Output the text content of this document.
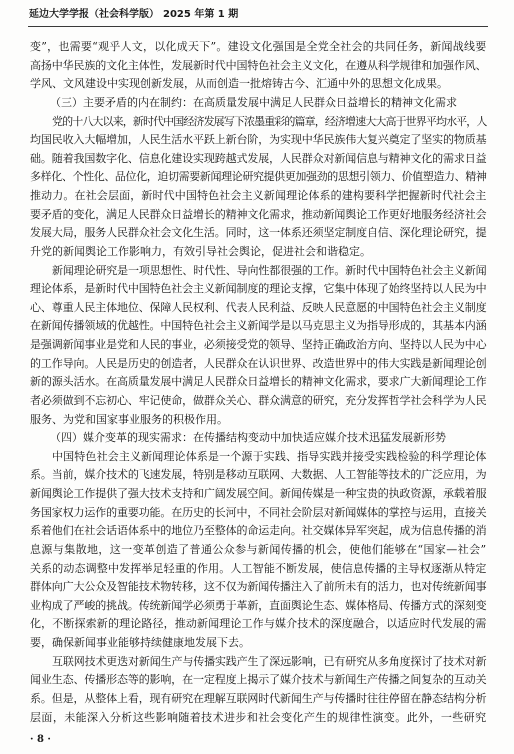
延边大学学报（社会科学版） 2025 年第 1 期
变”，也需要“观乎人文，以化成天下”。建设文化强国是全党全社会的共同任务，新闻战线要
高扬中华民族的文化主体性，发展新时代中国特色社会主义文化，在遵从科学规律和加强作风、
学风、文风建设中实现创新发展，从而创造一批熔铸古今、汇通中外的思想文化成果。
（三）主要矛盾的内在制约：在高质量发展中满足人民群众日益增长的精神文化需求
党的十八大以来，新时代中国经济发展写下浓墨重彩的篇章，经济增速大大高于世界平均水平，人
均国民收入大幅增加，人民生活水平跃上新台阶，为实现中华民族伟大复兴奠定了坚实的物质基
础。随着我国数字化、信息化建设实现跨越式发展，人民群众对新闻信息与精神文化的需求日益
多样化、个性化、品位化，迫切需要新闻理论研究提供更加强劲的思想引领力、价值塑造力、精神
推动力。在社会层面，新时代中国特色社会主义新闻理论体系的建构要科学把握新时代社会主
要矛盾的变化，满足人民群众日益增长的精神文化需求，推动新闻舆论工作更好地服务经济社会
发展大局，服务人民群众社会文化生活。同时，这一体系还须坚定制度自信、深化理论研究，提
升党的新闻舆论工作影响力，有效引导社会舆论，促进社会和谐稳定。
新闻理论研究是一项思想性、时代性、导向性都很强的工作。新时代中国特色社会主义新闻
理论体系，是新时代中国特色社会主义新闻制度的理论支撑，它集中体现了始终坚持以人民为中
心、尊重人民主体地位、保障人民权利、代表人民利益、反映人民意愿的中国特色社会主义制度
在新闻传播领域的优越性。中国特色社会主义新闻学是以马克思主义为指导形成的，其基本内涵
是强调新闻事业是党和人民的事业，必须接受党的领导、坚持正确政治方向、坚持以人民为中心
的工作导向。人民是历史的创造者，人民群众在认识世界、改造世界中的伟大实践是新闻理论创
新的源头活水。在高质量发展中满足人民群众日益增长的精神文化需求，要求广大新闻理论工作
者必须做到不忘初心、牢记使命，做群众关心、群众满意的研究，充分发挥哲学社会科学为人民
服务、为党和国家事业服务的积极作用。
（四）媒介变革的现实需求：在传播结构变动中加快适应媒介技术迅猛发展新形势
中国特色社会主义新闻理论体系是一个源于实践、指导实践并接受实践检验的科学理论体
系。当前，媒介技术的飞速发展，特别是移动互联网、大数据、人工智能等技术的广泛应用，为
新闻舆论工作提供了强大技术支持和广阔发展空间。新闻传媒是一种宝贵的执政资源，承载着服
务国家权力运作的重要功能。在历史的长河中，不同社会阶层对新闻媒体的掌控与运用，直接关
系着他们在社会话语体系中的地位乃至整体的命运走向。社交媒体异军突起，成为信息传播的消
息源与集散地，这一变革创造了普通公众参与新闻传播的机会，使他们能够在“国家—社会”
关系的动态调整中发挥举足轻重的作用。人工智能不断发展，使信息传播的主导权逐渐从特定
群体向广大公众及智能技术物转移，这不仅为新闻传播注入了前所未有的活力，也对传统新闻事
业构成了严峻的挑战。传统新闻学必须勇于革新，直面舆论生态、媒体格局、传播方式的深刻变
化，不断探索新的理论路径，推动新闻理论工作与媒介技术的深度融合，以适应时代发展的需
要，确保新闻事业能够持续健康地发展下去。
互联网技术更迭对新闻生产与传播实践产生了深远影响，已有研究从多角度探讨了技术对新
闻业生态、传播形态等的影响，在一定程度上揭示了媒介技术与新闻生产传播之间复杂的互动关
系。但是，从整体上看，现有研究在理解互联网时代新闻生产与传播时往往停留在静态结构分析
层面，未能深入分析这些影响随着技术进步和社会变化产生的规律性演变。此外，一些研究
· 8 ·
